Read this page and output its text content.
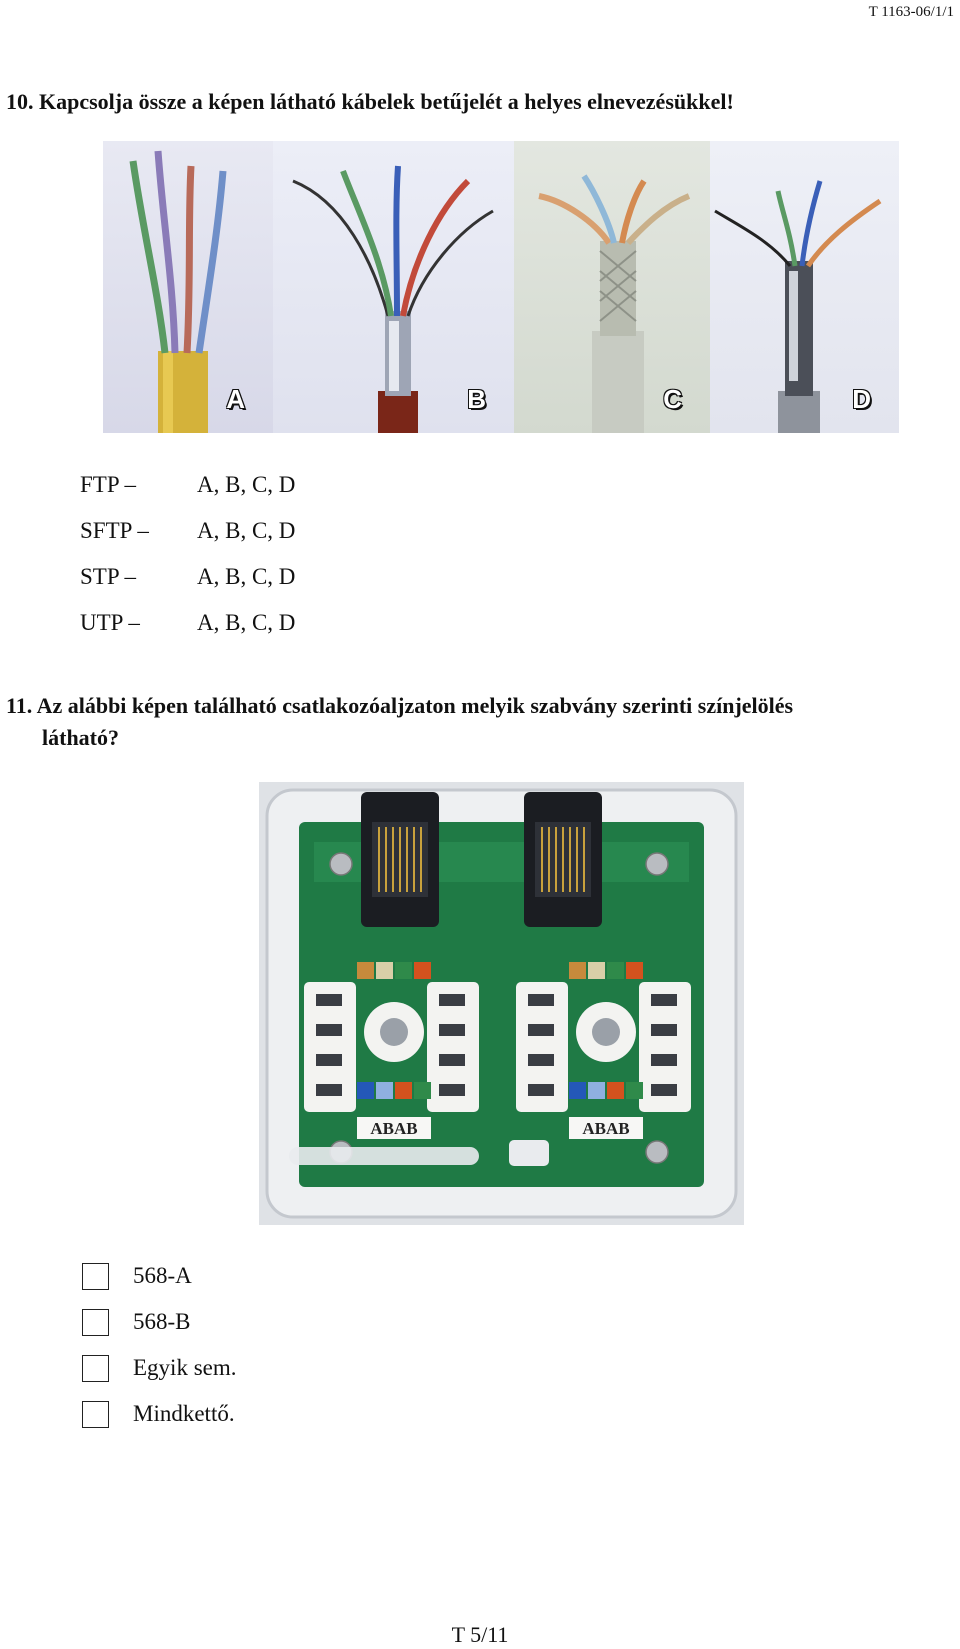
T 1163-06/1/1
10. Kapcsolja össze a képen látható kábelek betűjelét a helyes elnevezésükkel!
A	B	C	D
FTP –	A, B, C, D
SFTP –	A, B, C, D
STP –	A, B, C, D
UTP –	A, B, C, D
11. Az alábbi képen található csatlakozóaljzaton melyik szabvány szerinti színjelölés
látható?
ABAB	ABAB
568-A
568-B
Egyik sem.
Mindkettő.
T 5/11
